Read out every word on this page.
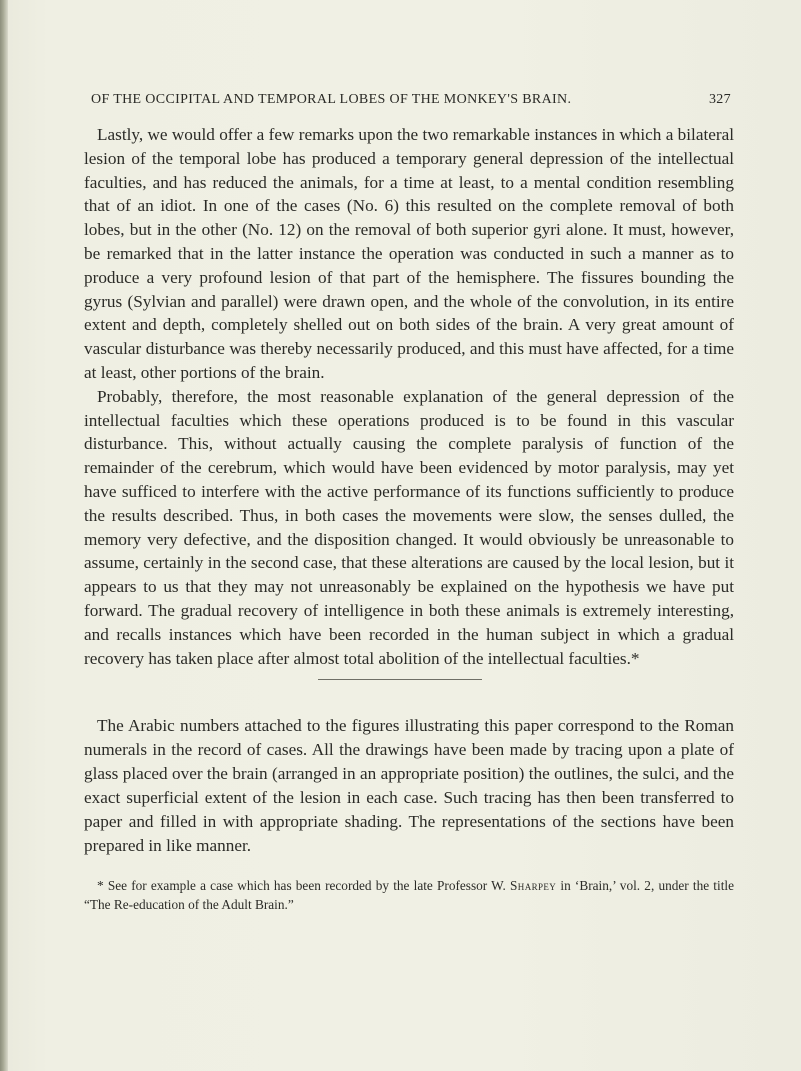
OF THE OCCIPITAL AND TEMPORAL LOBES OF THE MONKEY'S BRAIN.	327

Lastly, we would offer a few remarks upon the two remarkable instances in which a bilateral lesion of the temporal lobe has produced a temporary general depression of the intellectual faculties, and has reduced the animals, for a time at least, to a mental condition resembling that of an idiot. In one of the cases (No. 6) this resulted on the complete removal of both lobes, but in the other (No. 12) on the removal of both superior gyri alone. It must, however, be remarked that in the latter instance the operation was conducted in such a manner as to produce a very profound lesion of that part of the hemisphere. The fissures bounding the gyrus (Sylvian and parallel) were drawn open, and the whole of the convolution, in its entire extent and depth, completely shelled out on both sides of the brain. A very great amount of vascular disturbance was thereby necessarily produced, and this must have affected, for a time at least, other portions of the brain.

Probably, therefore, the most reasonable explanation of the general depression of the intellectual faculties which these operations produced is to be found in this vascular disturbance. This, without actually causing the complete paralysis of function of the remainder of the cerebrum, which would have been evidenced by motor paralysis, may yet have sufficed to interfere with the active performance of its functions sufficiently to produce the results described. Thus, in both cases the movements were slow, the senses dulled, the memory very defective, and the disposition changed. It would obviously be unreasonable to assume, certainly in the second case, that these alterations are caused by the local lesion, but it appears to us that they may not unreasonably be explained on the hypothesis we have put forward. The gradual recovery of intelligence in both these animals is extremely interesting, and recalls instances which have been recorded in the human subject in which a gradual recovery has taken place after almost total abolition of the intellectual faculties.*

The Arabic numbers attached to the figures illustrating this paper correspond to the Roman numerals in the record of cases. All the drawings have been made by tracing upon a plate of glass placed over the brain (arranged in an appropriate position) the outlines, the sulci, and the exact superficial extent of the lesion in each case. Such tracing has then been transferred to paper and filled in with appropriate shading. The representations of the sections have been prepared in like manner.

* See for example a case which has been recorded by the late Professor W. Sharpey in ‘Brain,’ vol. 2, under the title “The Re-education of the Adult Brain.”
